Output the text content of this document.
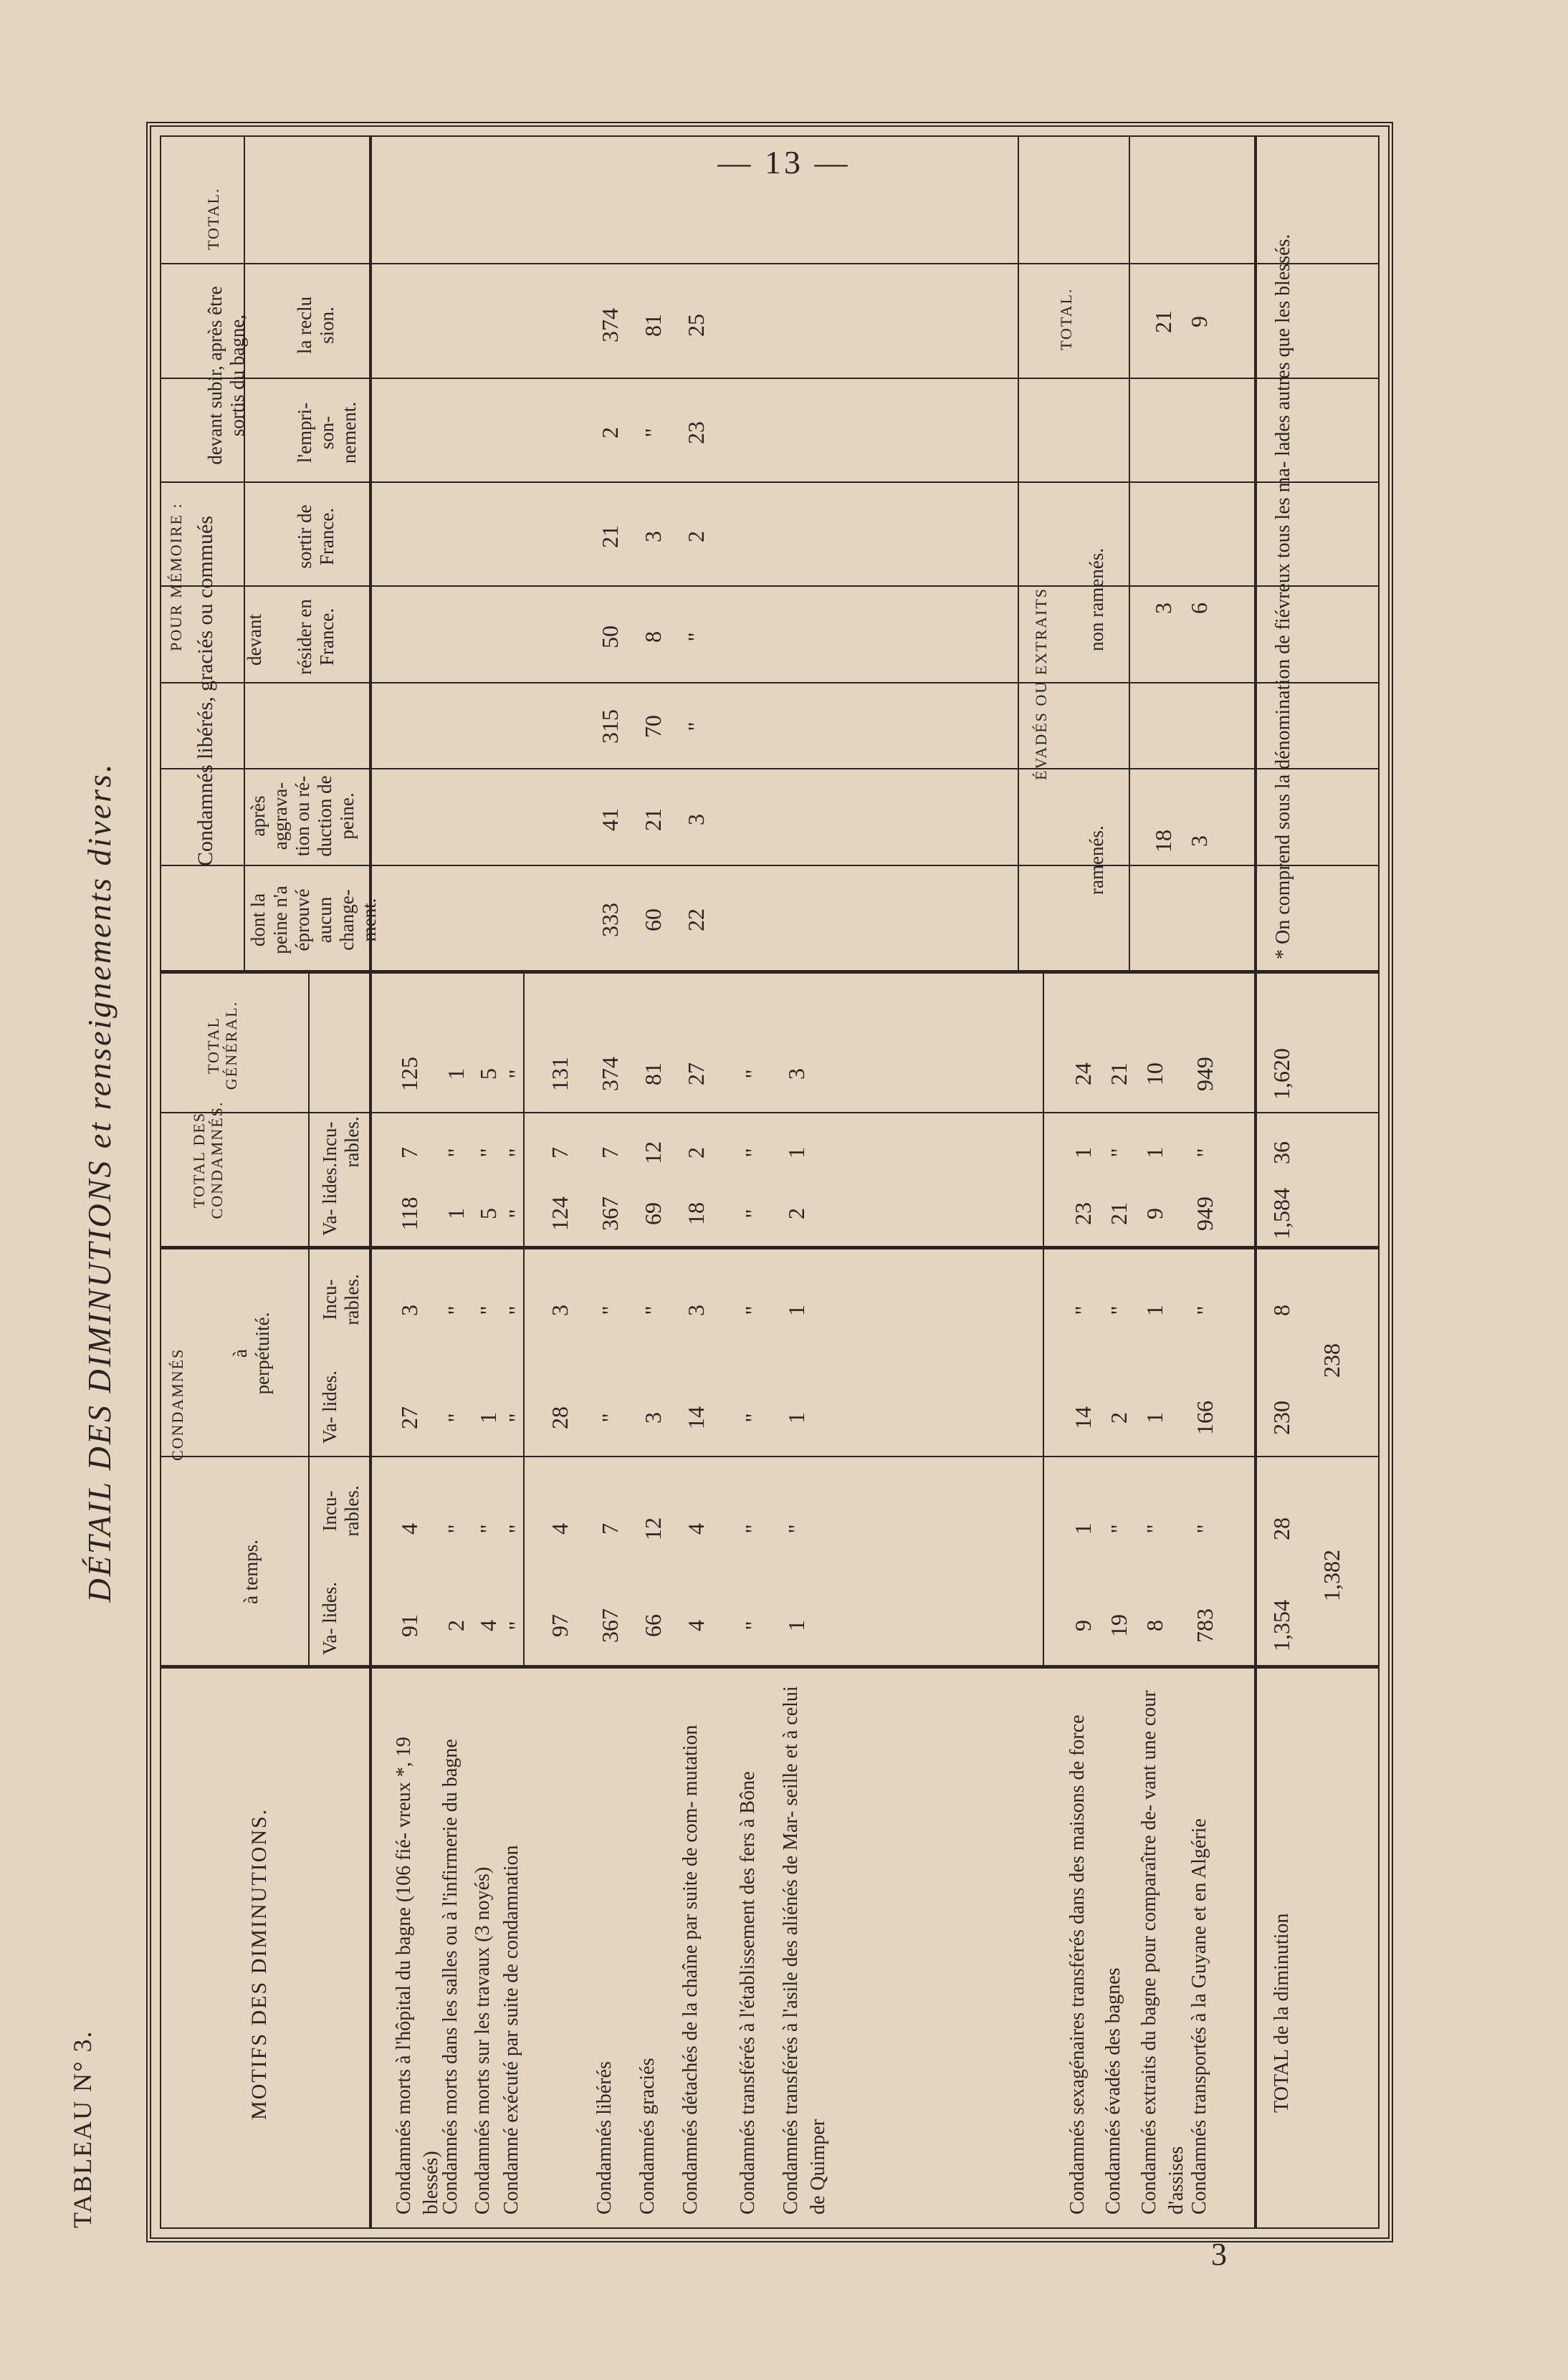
— 13 —
TABLEAU N° 3.
DÉTAIL DES DIMINUTIONS et renseignements divers.
MOTIFS DES DIMINUTIONS.
CONDAMNÉS
à temps.
à perpétuité.
Va- lides.
Incu- rables.
Va- lides.
Incu- rables.
TOTAL DES CONDAMNÉS.	Va- lides.
Incu- rables.
TOTAL GÉNÉRAL.
POUR MÉMOIRE : Condamnés libérés, graciés ou commués
dont la peine n'a éprouvé aucun change- ment.
après aggrava- tion ou ré- duction de peine.
devant résider en France.
sortir de France.
devant subir, après être sortis du bagne, l'empri- son- nement.
la reclu sion.
TOTAL.
Condamnés morts à l'hôpital du bagne (106 fié- vreux *, 19 blessés)
91
4
27
3
118
7
125
Condamnés morts dans les salles ou à l'infirmerie du bagne
2
"
"
"
1
"
1
Condamnés morts sur les travaux (3 noyés)
4
"
1
"
5
"
5
Condamné exécuté par suite de condamnation
"
"
"
"
"
"
"
97
4
28
3
124
7
131
Condamnés libérés
367
7
"
"
367
7
374
Condamnés graciés
66
12
3
"
69
12
81
Condamnés détachés de la chaîne par suite de com- mutation
4
4
14
3
18
2
27
Condamnés transférés à l'établissement des fers à Bône
"
"
"
"
"
"
"
Condamnés transférés à l'asile des aliénés de Mar- seille et à celui de Quimper
1
"
1
1
2
1
3
Condamnés sexagénaires transférés dans des maisons de force
9
1
14
"
23
1
24
Condamnés évadés des bagnes
19
"
2
"
21
"
21
Condamnés extraits du bagne pour comparaître de- vant une cour d'assises
8
"
1
1
9
1
10
Condamnés transportés à la Guyane et en Algérie
783
"
166
"
949
"
949
TOTAL de la diminution
1,354
28
230
8
1,584
36
1,620
1,382
238
333
41
315
50
21
2
374
60
21
70
8
3
"
81
22
3
"
"
2
23
25
18
3
21
3
6
9
ÉVADÉS OU EXTRAITS
ramenés.
non ramenés.
TOTAL.	* On comprend sous la dénomination de fiévreux tous les ma- lades autres que les blessés.
3
